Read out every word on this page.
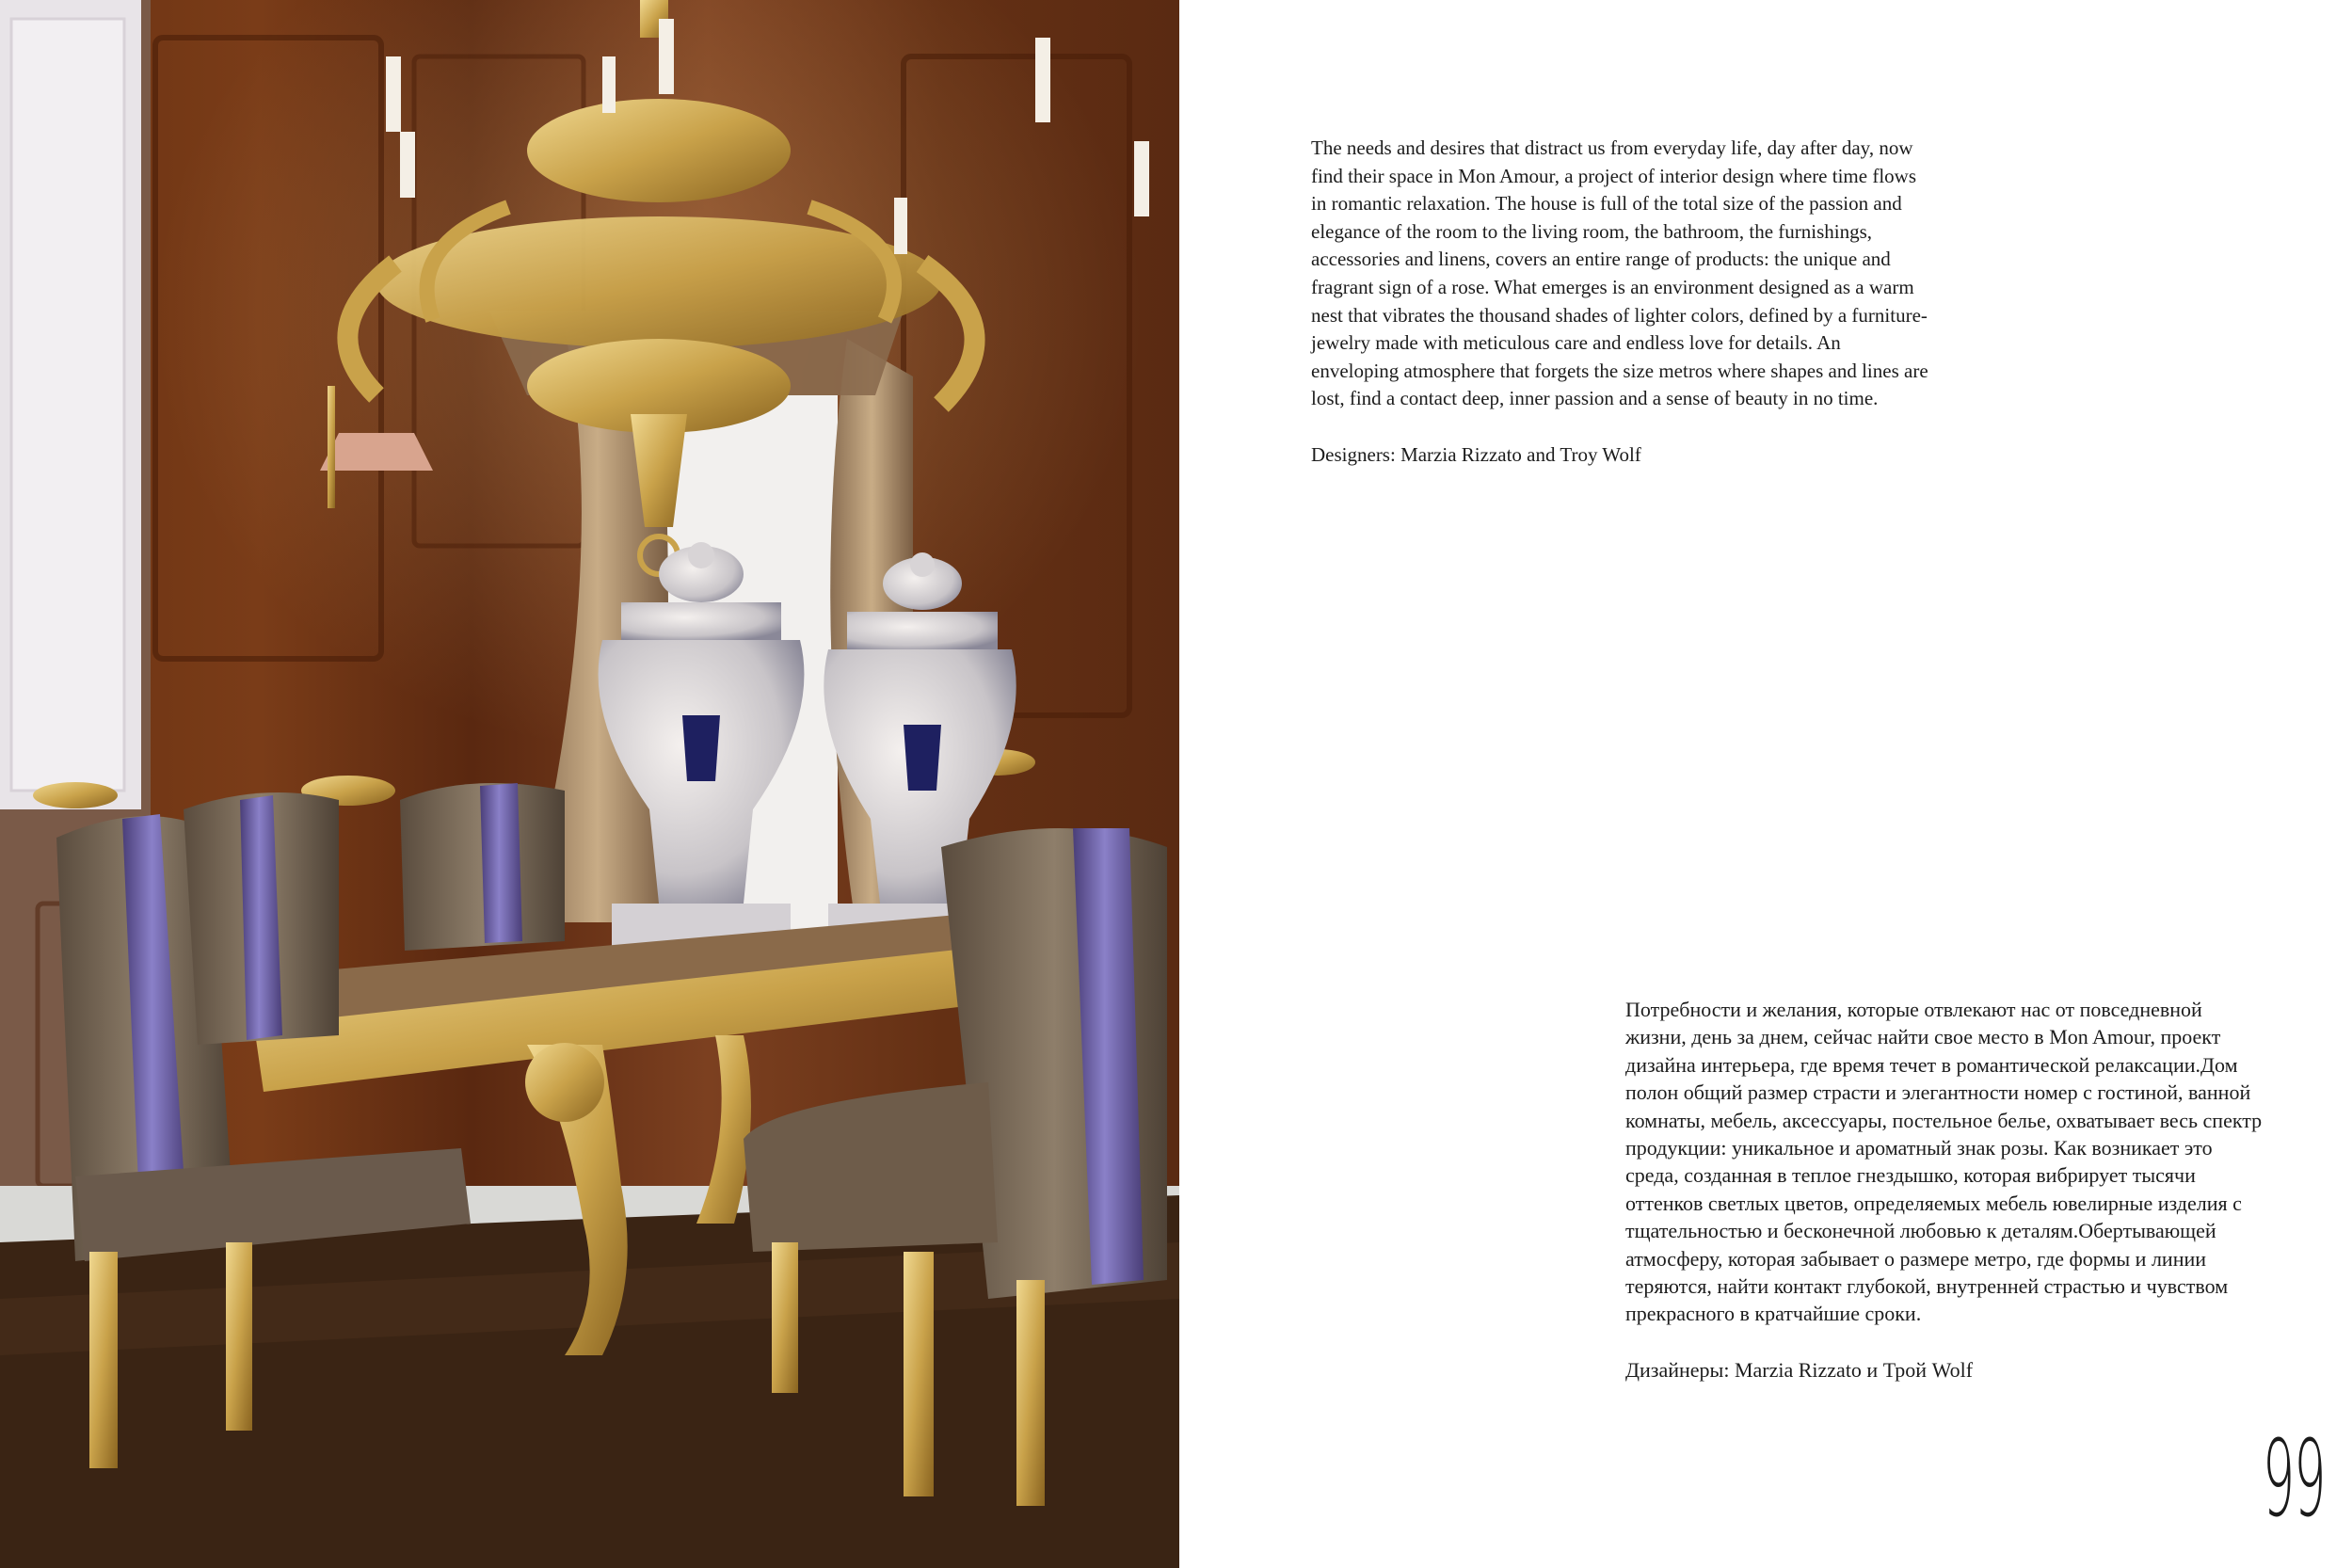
The needs and desires that distract us from everyday life, day after day, now find their space in Mon Amour, a project of interior design where time flows in romantic relaxation. The house is full of the total size of the passion and elegance of the room to the living room, the bathroom, the furnishings, accessories and linens, covers an entire range of products: the unique and fragrant sign of a rose. What emerges is an environment designed as a warm nest that vibrates the thousand shades of lighter colors, defined by a furniture-jewelry made with meticulous care and endless love for details. An enveloping atmosphere that forgets the size metros where shapes and lines are lost, find a contact deep, inner passion and a sense of beauty in no time.

Designers: Marzia Rizzato and Troy Wolf

Потребности и желания, которые отвлекают нас от повседневной жизни, день за днем, сейчас найти свое место в Mon Amour, проект дизайна интерьера, где время течет в романтической релаксации.Дом полон общий размер страсти и элегантности номер с гостиной, ванной комнаты, мебель, аксессуары, постельное белье, охватывает весь спектр продукции: уникальное и ароматный знак розы. Как возникает это среда, созданная в теплое гнездышко, которая вибрирует тысячи оттенков светлых цветов, определяемых мебель ювелирные изделия с тщательностью и бесконечной любовью к деталям.Обертывающей атмосферу, которая забывает о размере метро, где формы и линии теряются, найти контакт глубокой, внутренней страстью и чувством прекрасного в кратчайшие сроки.

Дизайнеры: Marzia Rizzato и Трой Wolf

99
